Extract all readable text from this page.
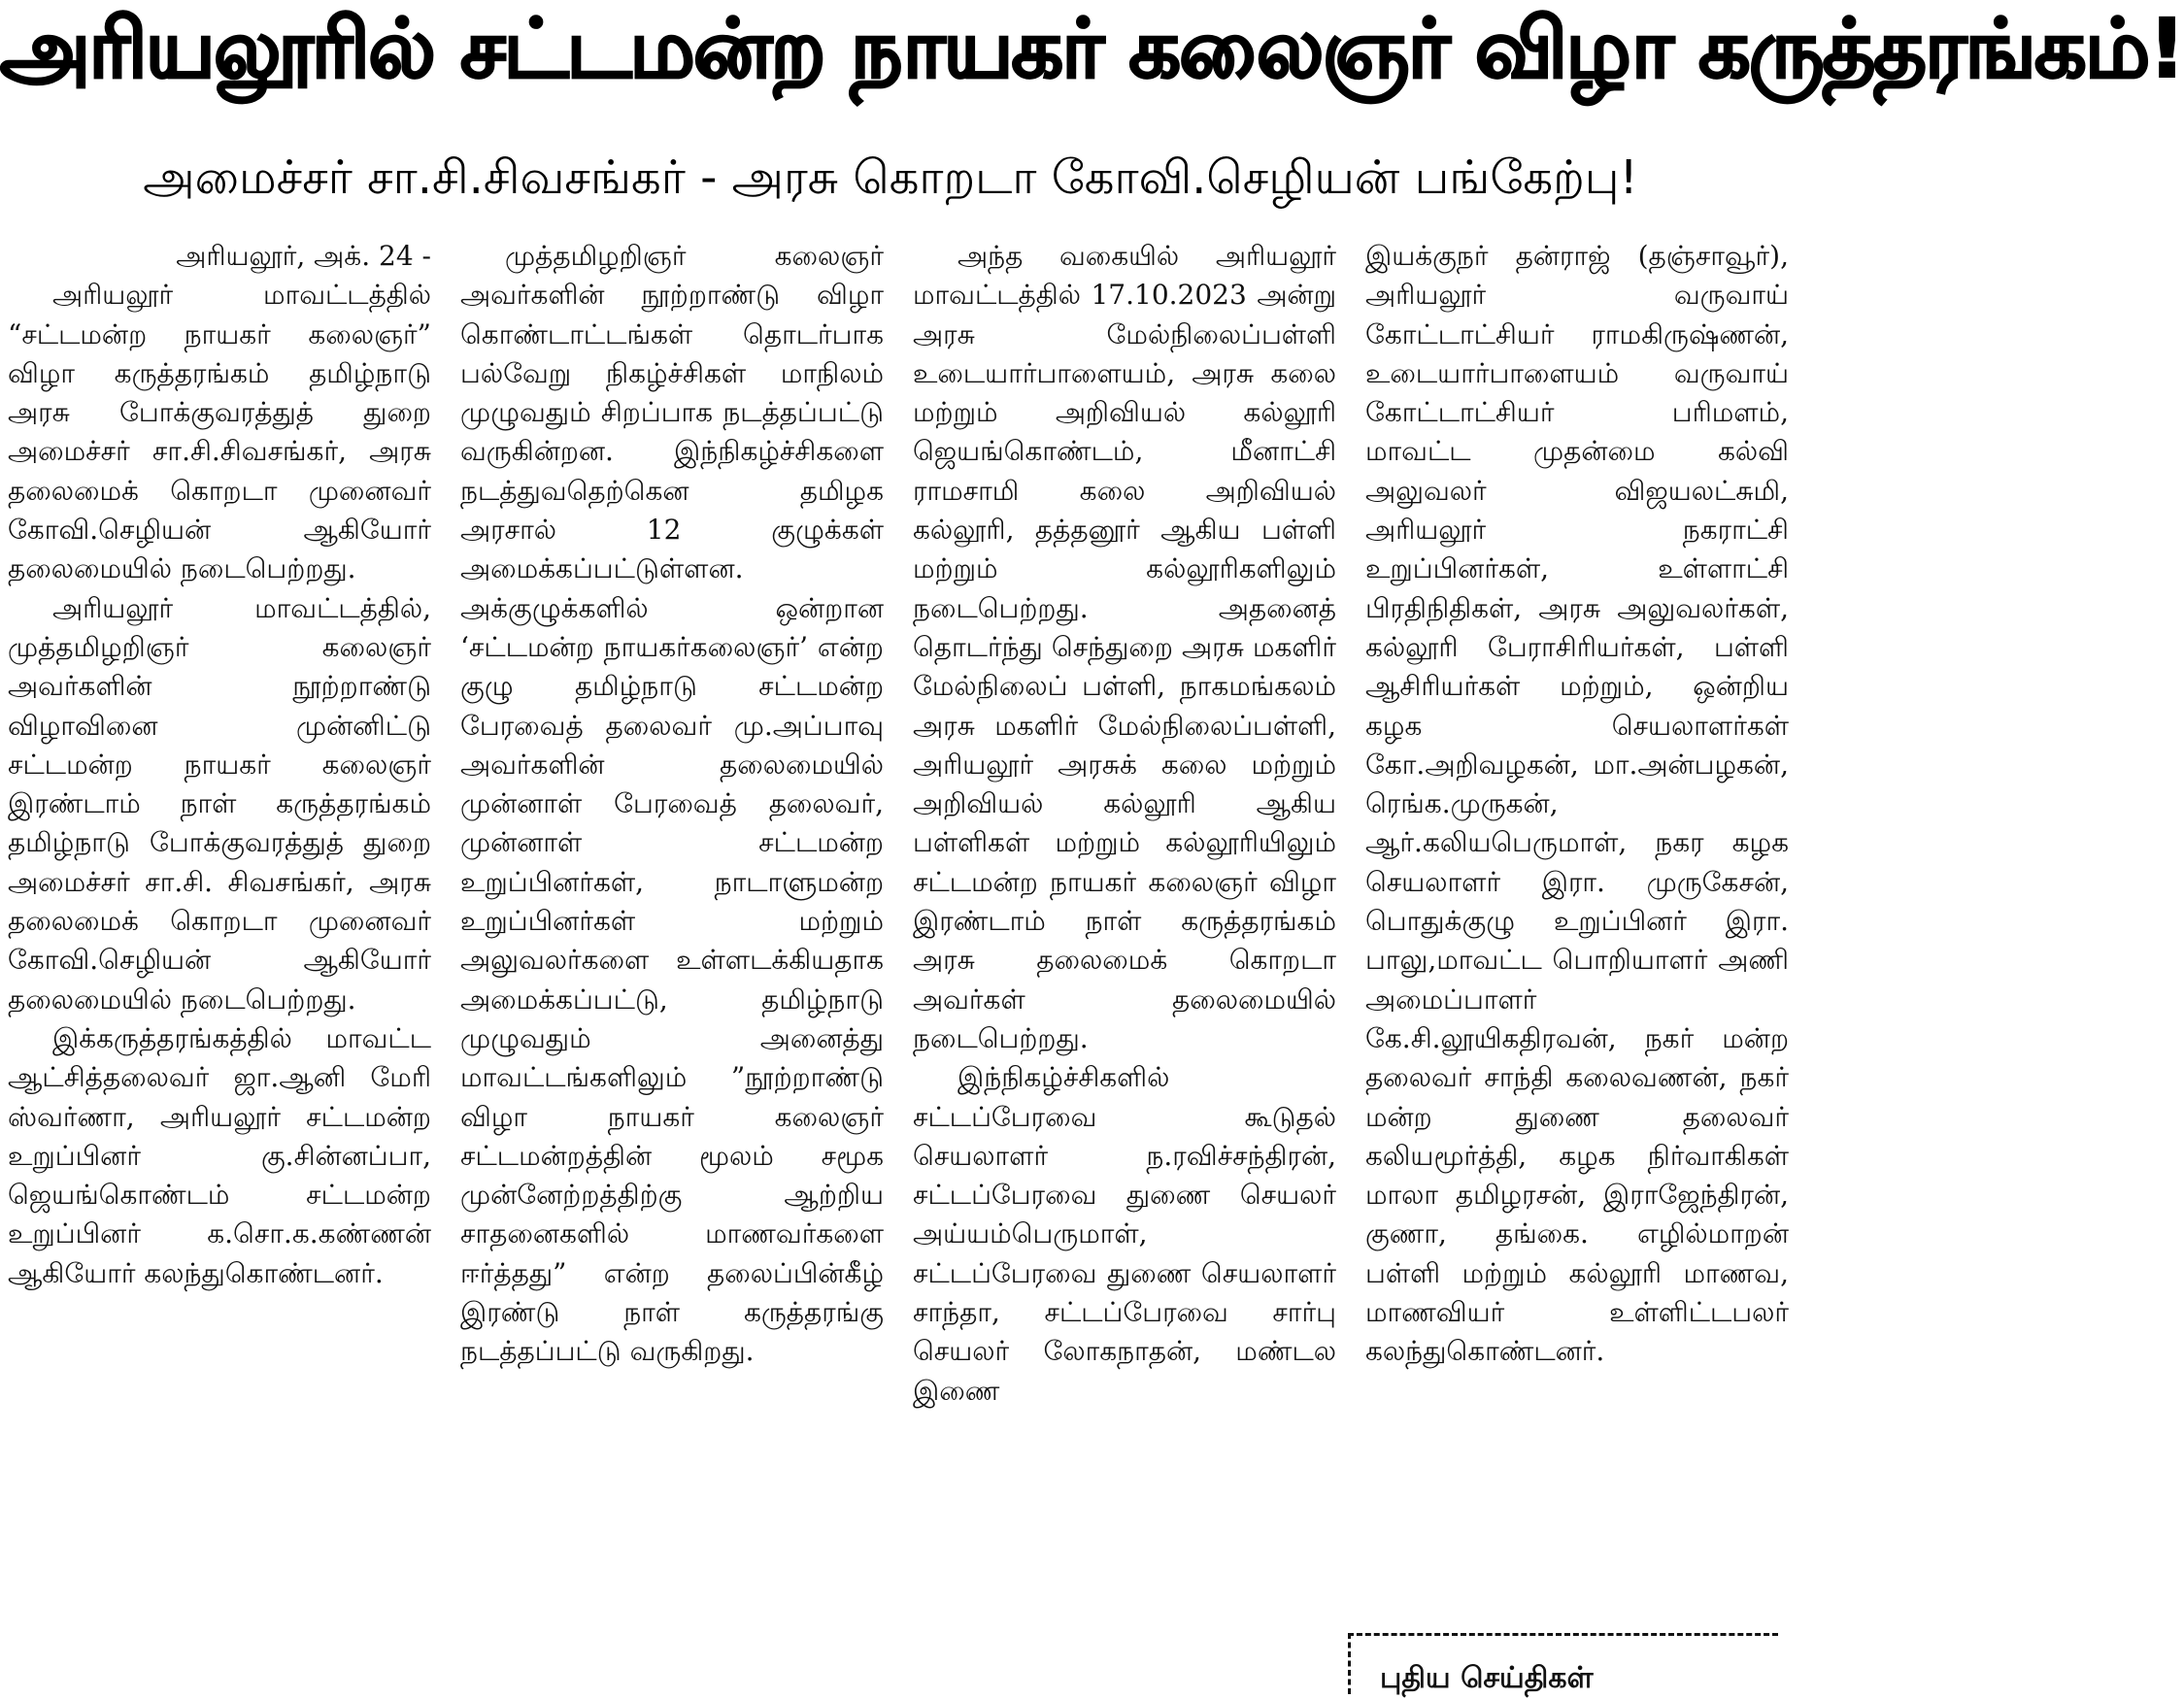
அரியலூரில் சட்டமன்ற நாயகர் கலைஞர் விழா கருத்தரங்கம்!
அமைச்சர் சா.சி.சிவசங்கர் - அரசு கொறடா கோவி.செழியன் பங்கேற்பு!
அரியலூர், அக். 24 -

அரியலூர் மாவட்டத்தில் “சட்டமன்ற நாயகர் கலைஞர்” விழா கருத்தரங்கம் தமிழ்நாடு அரசு போக்குவரத்துத் துறை அமைச்சர் சா.சி.சிவசங்கர், அரசு தலைமைக் கொறடா முனைவர் கோவி.செழியன் ஆகியோர் தலைமையில் நடைபெற்றது.

அரியலூர் மாவட்டத்தில், முத்தமிழறிஞர் கலைஞர் அவர்களின் நூற்றாண்டு விழாவினை முன்னிட்டு சட்டமன்ற நாயகர் கலைஞர் இரண்டாம் நாள் கருத்தரங்கம் தமிழ்நாடு போக்குவரத்துத் துறை அமைச்சர் சா.சி. சிவசங்கர், அரசு தலைமைக் கொறடா முனைவர் கோவி.செழியன் ஆகியோர் தலைமையில் நடைபெற்றது.

இக்கருத்தரங்கத்தில் மாவட்ட ஆட்சித்தலைவர் ஜா.ஆனி மேரி ஸ்வர்ணா, அரியலூர் சட்டமன்ற உறுப்பினர் கு.சின்னப்பா, ஜெயங்கொண்டம் சட்டமன்ற உறுப்பினர் க.சொ.க.கண்ணன் ஆகியோர் கலந்துகொண்டனர்.

முத்தமிழறிஞர் கலைஞர் அவர்களின் நூற்றாண்டு விழா கொண்டாட்டங்கள் தொடர்பாக பல்வேறு நிகழ்ச்சிகள் மாநிலம் முழுவதும் சிறப்பாக நடத்தப்பட்டு வருகின்றன. இந்நிகழ்ச்சிகளை நடத்துவதெற்கென தமிழக அரசால் 12 குழுக்கள் அமைக்கப்பட்டுள்ளன. அக்குழுக்களில் ஒன்றான ‘சட்டமன்ற நாயகர்கலைஞர்’ என்ற குழு தமிழ்நாடு சட்டமன்ற பேரவைத் தலைவர் மு.அப்பாவு அவர்களின் தலைமையில் முன்னாள் பேரவைத் தலைவர், முன்னாள் சட்டமன்ற உறுப்பினர்கள், நாடாளுமன்ற உறுப்பினர்கள் மற்றும் அலுவலர்களை உள்ளடக்கியதாக அமைக்கப்பட்டு, தமிழ்நாடு முழுவதும் அனைத்து மாவட்டங்களிலும் ”நூற்றாண்டு விழா நாயகர் கலைஞர் சட்டமன்றத்தின் மூலம் சமூக முன்னேற்றத்திற்கு ஆற்றிய சாதனைகளில் மாணவர்களை ஈர்த்தது” என்ற தலைப்பின்கீழ் இரண்டு நாள் கருத்தரங்கு நடத்தப்பட்டு வருகிறது.

அந்த வகையில் அரியலூர் மாவட்டத்தில் 17.10.2023 அன்று அரசு மேல்நிலைப்பள்ளி உடையார்பாளையம், அரசு கலை மற்றும் அறிவியல் கல்லூரி ஜெயங்கொண்டம், மீனாட்சி ராமசாமி கலை அறிவியல் கல்லூரி, தத்தனூர் ஆகிய பள்ளி மற்றும் கல்லூரிகளிலும் நடைபெற்றது. அதனைத் தொடர்ந்து செந்துறை அரசு மகளிர் மேல்நிலைப் பள்ளி, நாகமங்கலம் அரசு மகளிர் மேல்நிலைப்பள்ளி, அரியலூர் அரசுக் கலை மற்றும் அறிவியல் கல்லூரி ஆகிய பள்ளிகள் மற்றும் கல்லூரியிலும் சட்டமன்ற நாயகர் கலைஞர் விழா இரண்டாம் நாள் கருத்தரங்கம் அரசு தலைமைக் கொறடா அவர்கள் தலைமையில் நடைபெற்றது.

இந்நிகழ்ச்சிகளில் சட்டப்பேரவை கூடுதல் செயலாளர் ந.ரவிச்சந்திரன், சட்டப்பேரவை துணை செயலர் அய்யம்பெருமாள், சட்டப்பேரவை துணை செயலாளர் சாந்தா, சட்டப்பேரவை சார்பு செயலர் லோகநாதன், மண்டல இணை

இயக்குநர் தன்ராஜ் (தஞ்சாவூர்), அரியலூர் வருவாய் கோட்டாட்சியர் ராமகிருஷ்ணன், உடையார்பாளையம் வருவாய் கோட்டாட்சியர் பரிமளம், மாவட்ட முதன்மை கல்வி அலுவலர் விஜயலட்சுமி, அரியலூர் நகராட்சி உறுப்பினர்கள், உள்ளாட்சி பிரதிநிதிகள், அரசு அலுவலர்கள், கல்லூரி பேராசிரியர்கள், பள்ளி ஆசிரியர்கள் மற்றும், ஒன்றிய கழக செயலாளர்கள் கோ.அறிவழகன், மா.அன்பழகன், ரெங்க.முருகன், ஆர்.கலியபெருமாள், நகர கழக செயலாளர் இரா. முருகேசன், பொதுக்குழு உறுப்பினர் இரா. பாலு,மாவட்ட பொறியாளர் அணி அமைப்பாளர் கே.சி.லூயிகதிரவன், நகர் மன்ற தலைவர் சாந்தி கலைவணன், நகர் மன்ற துணை தலைவர் கலியமூர்த்தி, கழக நிர்வாகிகள் மாலா தமிழரசன், இராஜேந்திரன், குணா, தங்கை. எழில்மாறன் பள்ளி மற்றும் கல்லூரி மாணவ, மாணவியர் உள்ளிட்டபலர் கலந்துகொண்டனர்.

புதிய செய்திகள்
